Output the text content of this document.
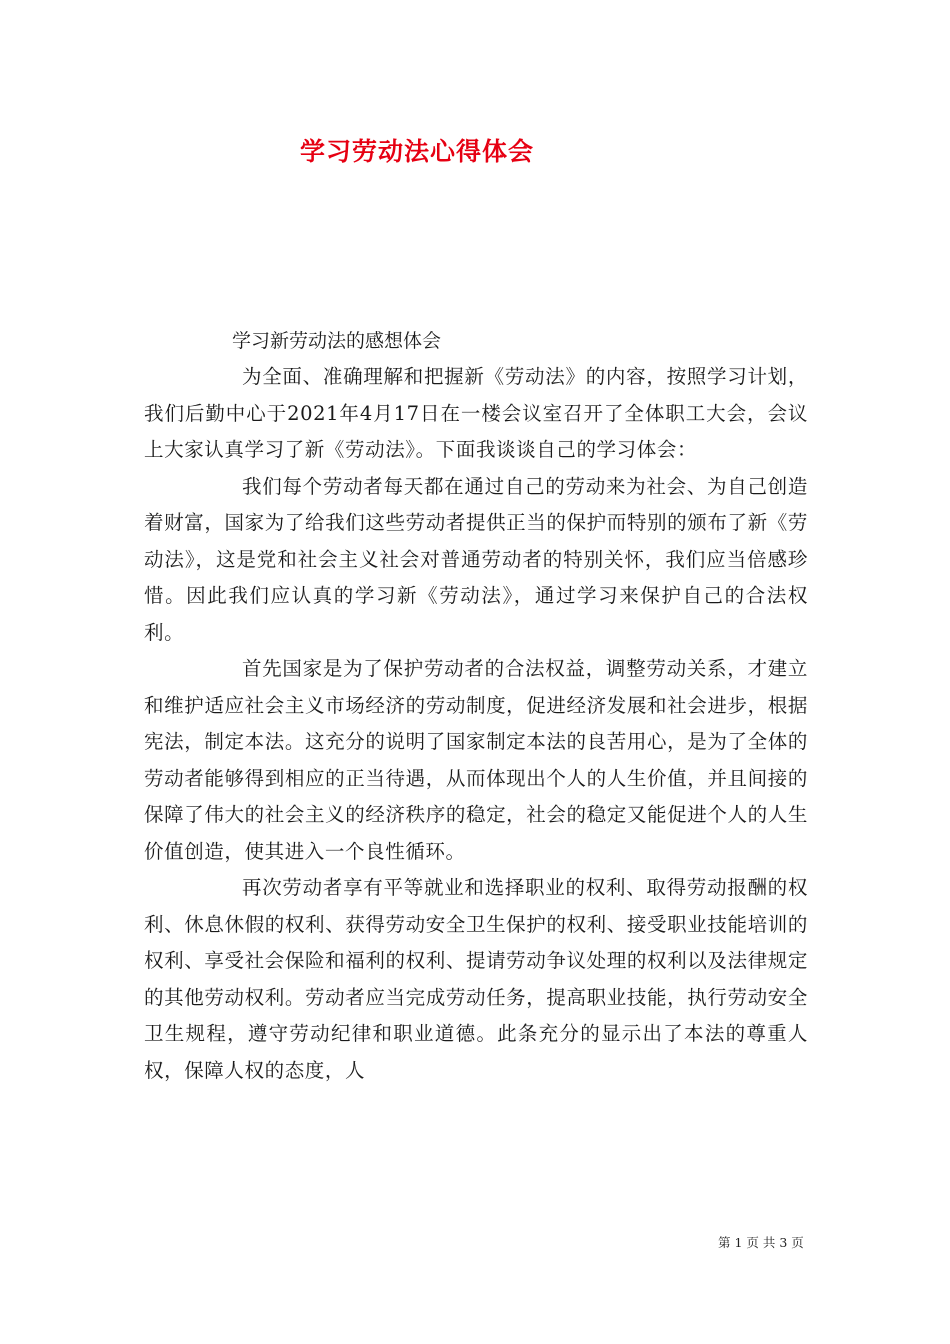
学习劳动法心得体会
学习新劳动法的感想体会

为全面、准确理解和把握新《劳动法》的内容，按照学习计划，我们后勤中心于2021年4月17日在一楼会议室召开了全体职工大会，会议上大家认真学习了新《劳动法》。下面我谈谈自己的学习体会：

我们每个劳动者每天都在通过自己的劳动来为社会、为自己创造着财富，国家为了给我们这些劳动者提供正当的保护而特别的颁布了新《劳动法》，这是党和社会主义社会对普通劳动者的特别关怀，我们应当倍感珍惜。因此我们应认真的学习新《劳动法》，通过学习来保护自己的合法权利。

首先国家是为了保护劳动者的合法权益，调整劳动关系，才建立和维护适应社会主义市场经济的劳动制度，促进经济发展和社会进步，根据宪法，制定本法。这充分的说明了国家制定本法的良苦用心，是为了全体的劳动者能够得到相应的正当待遇，从而体现出个人的人生价值，并且间接的保障了伟大的社会主义的经济秩序的稳定，社会的稳定又能促进个人的人生价值创造，使其进入一个良性循环。

再次劳动者享有平等就业和选择职业的权利、取得劳动报酬的权利、休息休假的权利、获得劳动安全卫生保护的权利、接受职业技能培训的权利、享受社会保险和福利的权利、提请劳动争议处理的权利以及法律规定的其他劳动权利。劳动者应当完成劳动任务，提高职业技能，执行劳动安全卫生规程，遵守劳动纪律和职业道德。此条充分的显示出了本法的尊重人权，保障人权的态度，人

第 1 页 共 3 页
